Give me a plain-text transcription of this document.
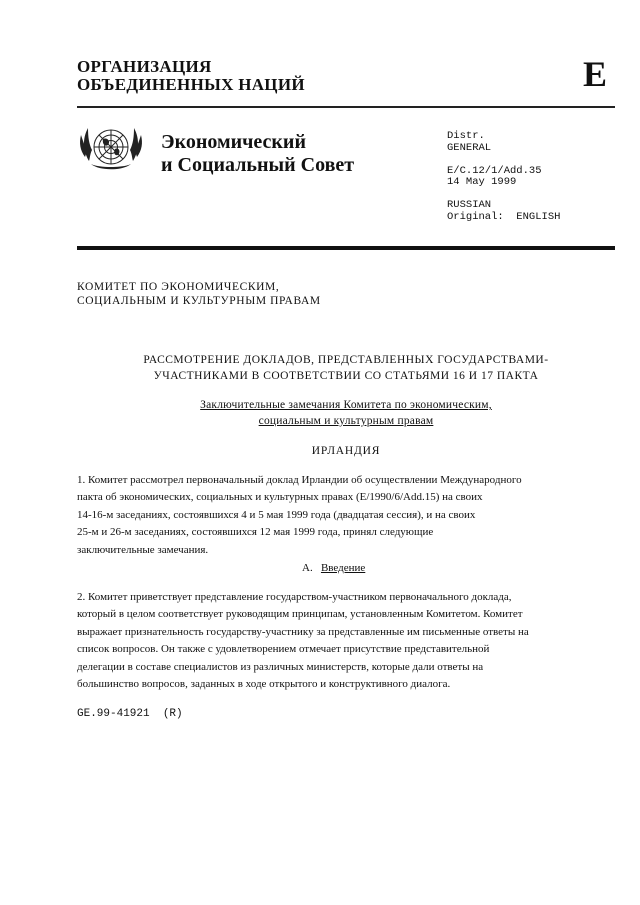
ОРГАНИЗАЦИЯ
ОБЪЕДИНЕННЫХ НАЦИЙ	E
Экономический
и Социальный Совет
Distr.
GENERAL

E/C.12/1/Add.35
14 May 1999

RUSSIAN
Original:  ENGLISH
КОМИТЕТ ПО ЭКОНОМИЧЕСКИМ,
СОЦИАЛЬНЫМ И КУЛЬТУРНЫМ ПРАВАМ
РАССМОТРЕНИЕ ДОКЛАДОВ, ПРЕДСТАВЛЕННЫХ ГОСУДАРСТВАМИ-
УЧАСТНИКАМИ В СООТВЕТСТВИИ СО СТАТЬЯМИ 16 И 17 ПАКТА
Заключительные замечания Комитета по экономическим,
социальным и культурным правам
ИРЛАНДИЯ
1. Комитет рассмотрел первоначальный доклад Ирландии об осуществлении Международного
пакта об экономических, социальных и культурных правах (E/1990/6/Add.15) на своих
14-16-м заседаниях, состоявшихся 4 и 5 мая 1999 года (двадцатая сессия), и на своих
25-м и 26-м заседаниях, состоявшихся 12 мая 1999 года, принял следующие
заключительные замечания.
A. Введение
2. Комитет приветствует представление государством-участником первоначального доклада,
который в целом соответствует руководящим принципам, установленным Комитетом. Комитет
выражает признательность государству-участнику за представленные им письменные ответы на
список вопросов. Он также с удовлетворением отмечает присутствие представительной
делегации в составе специалистов из различных министерств, которые дали ответы на
большинство вопросов, заданных в ходе открытого и конструктивного диалога.
GE.99-41921  (R)
